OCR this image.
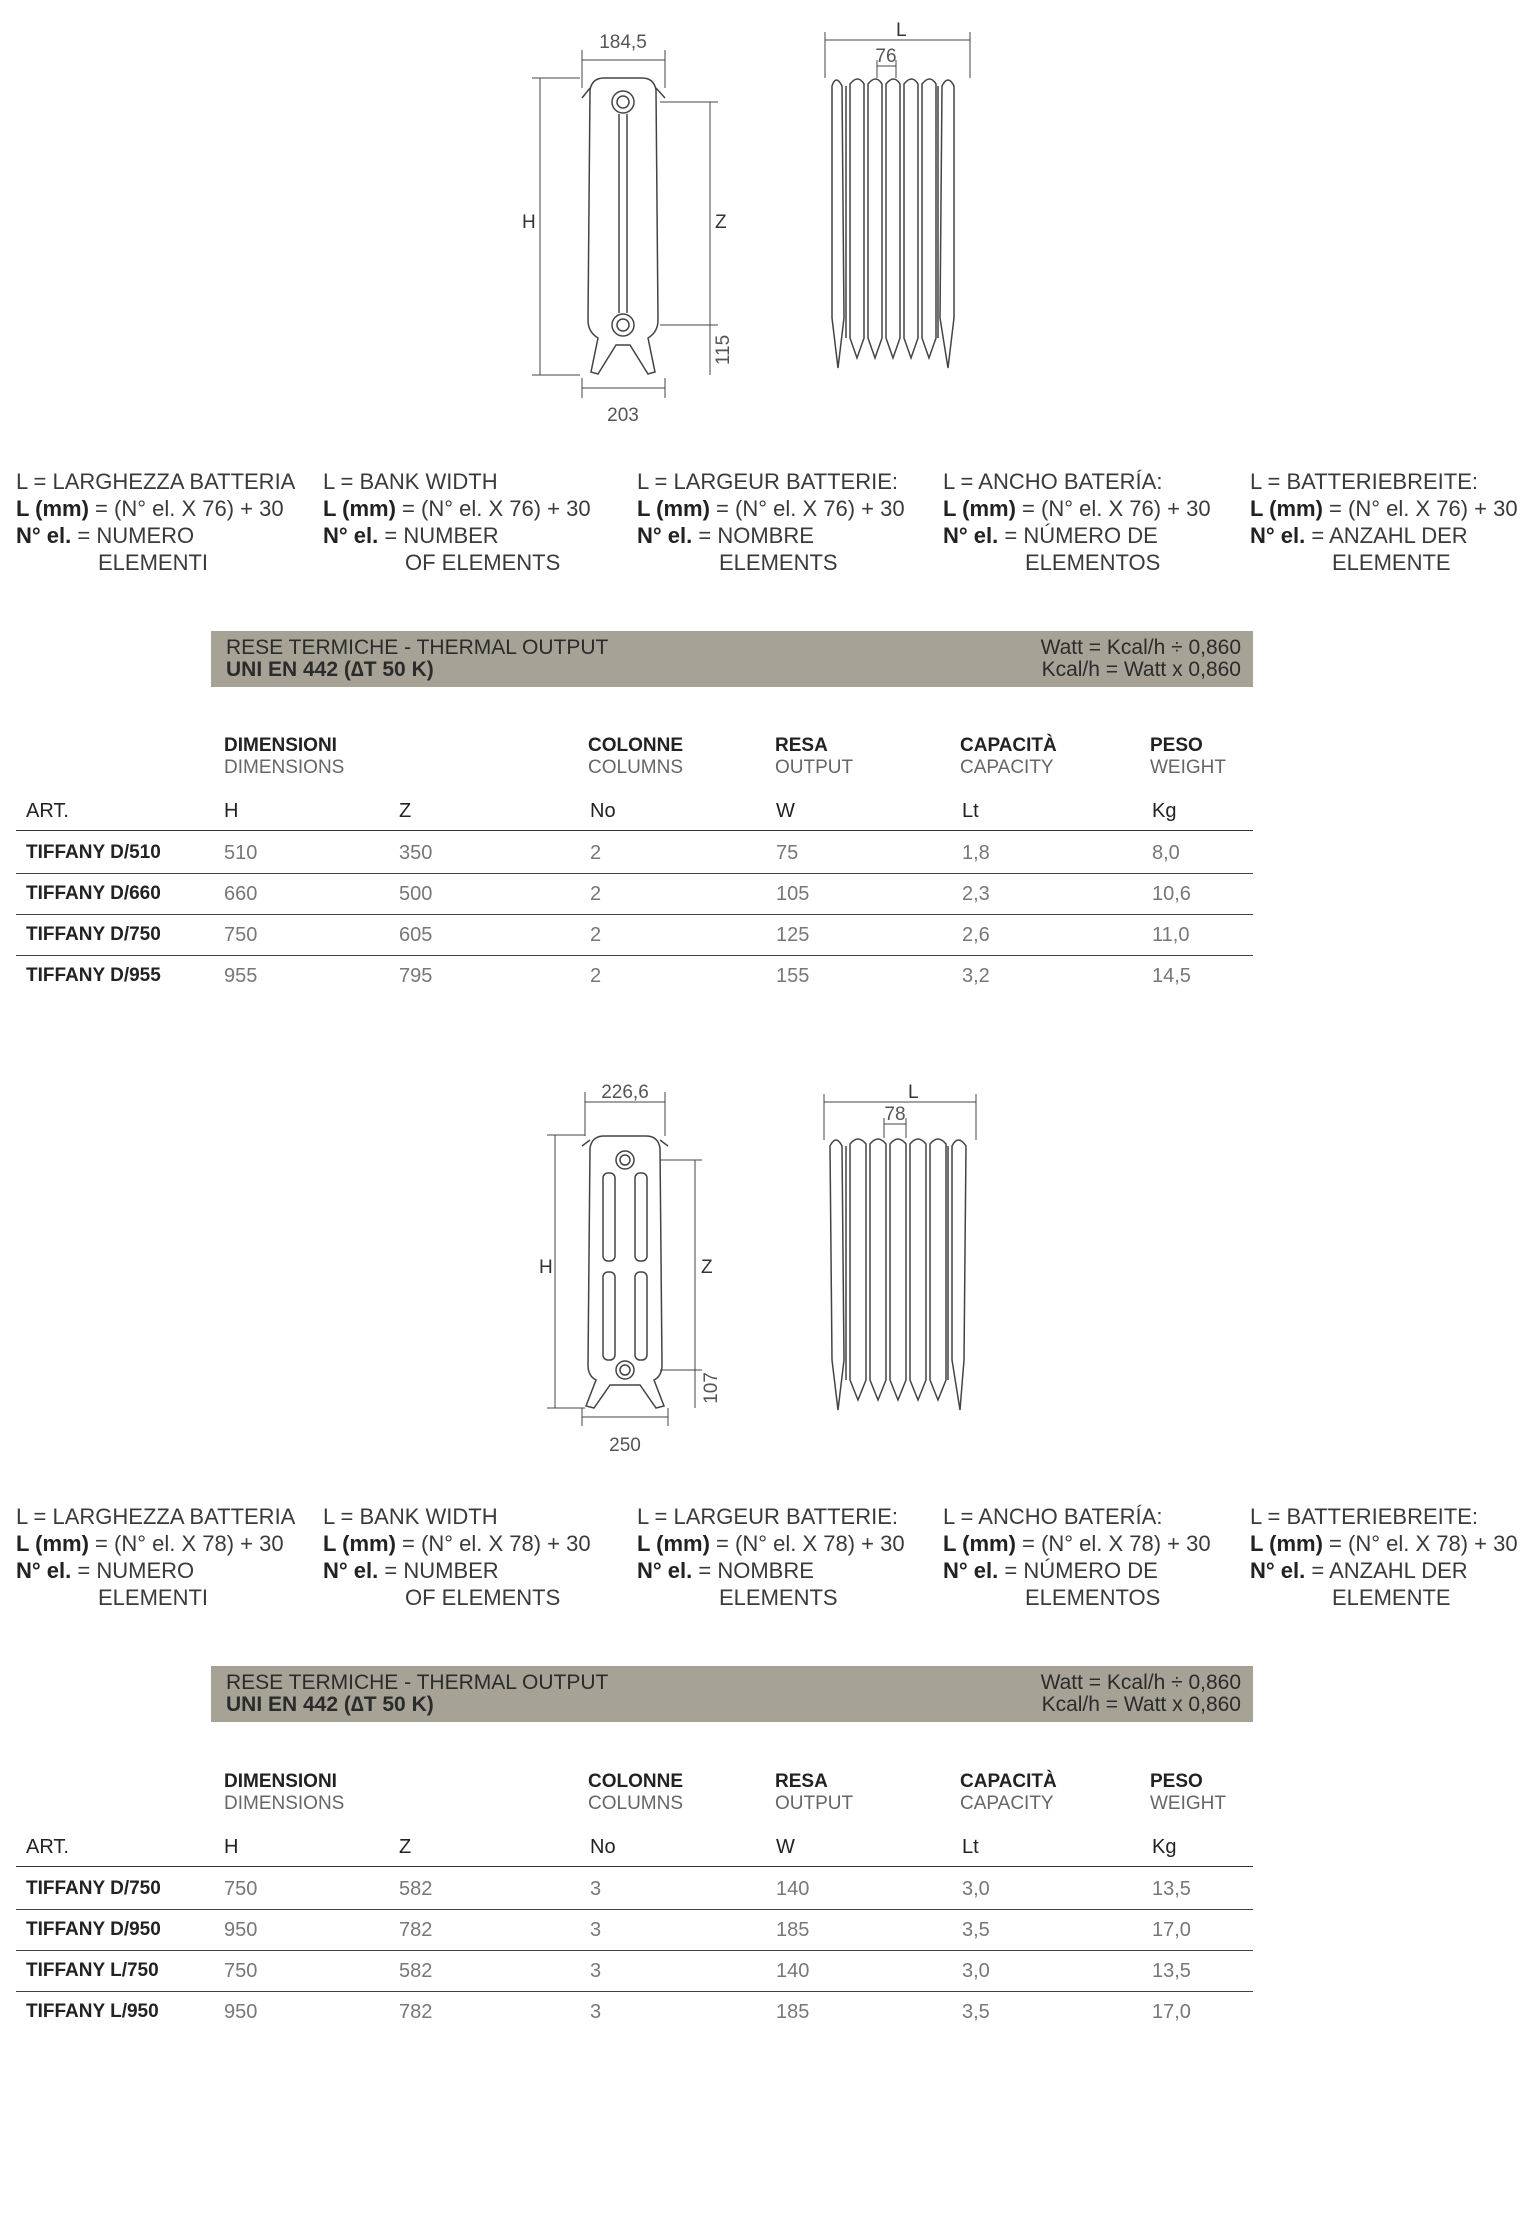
184,5
H	Z
115
203
L
76
L = LARGHEZZA BATTERIA
L (mm) = (N° el. X 76) + 30
N° el. = NUMERO
ELEMENTI
L = BANK WIDTH
L (mm) = (N° el. X 76) + 30
N° el. = NUMBER
OF ELEMENTS
L = LARGEUR BATTERIE:
L (mm) = (N° el. X 76) + 30
N° el. = NOMBRE
ELEMENTS
L = ANCHO BATERÍA:
L (mm) = (N° el. X 76) + 30
N° el. = NÚMERO DE
ELEMENTOS
L = BATTERIEBREITE:
L (mm) = (N° el. X 76) + 30
N° el. = ANZAHL DER
ELEMENTE
RESE TERMICHE - THERMAL OUTPUT
UNI EN 442 (∆T 50 K)
Watt = Kcal/h ÷ 0,860
Kcal/h = Watt x 0,860
DIMENSIONI
DIMENSIONS
COLONNE
COLUMNS
RESA
OUTPUT
CAPACITÀ
CAPACITY
PESO
WEIGHT
ART.	H	Z	No	W	Lt	Kg
TIFFANY D/510	510	350	2	75	1,8	8,0
TIFFANY D/660	660	500	2	105	2,3	10,6
TIFFANY D/750	750	605	2	125	2,6	11,0
TIFFANY D/955	955	795	2	155	3,2	14,5
226,6
H	Z
107
250
L
78
L = LARGHEZZA BATTERIA
L (mm) = (N° el. X 78) + 30
N° el. = NUMERO
ELEMENTI
L = BANK WIDTH
L (mm) = (N° el. X 78) + 30
N° el. = NUMBER
OF ELEMENTS
L = LARGEUR BATTERIE:
L (mm) = (N° el. X 78) + 30
N° el. = NOMBRE
ELEMENTS
L = ANCHO BATERÍA:
L (mm) = (N° el. X 78) + 30
N° el. = NÚMERO DE
ELEMENTOS
L = BATTERIEBREITE:
L (mm) = (N° el. X 78) + 30
N° el. = ANZAHL DER
ELEMENTE
RESE TERMICHE - THERMAL OUTPUT
UNI EN 442 (∆T 50 K)
Watt = Kcal/h ÷ 0,860
Kcal/h = Watt x 0,860
DIMENSIONI
DIMENSIONS
COLONNE
COLUMNS
RESA
OUTPUT
CAPACITÀ
CAPACITY
PESO
WEIGHT
ART.	H	Z	No	W	Lt	Kg
TIFFANY D/750	750	582	3	140	3,0	13,5
TIFFANY D/950	950	782	3	185	3,5	17,0
TIFFANY L/750	750	582	3	140	3,0	13,5
TIFFANY L/950	950	782	3	185	3,5	17,0
